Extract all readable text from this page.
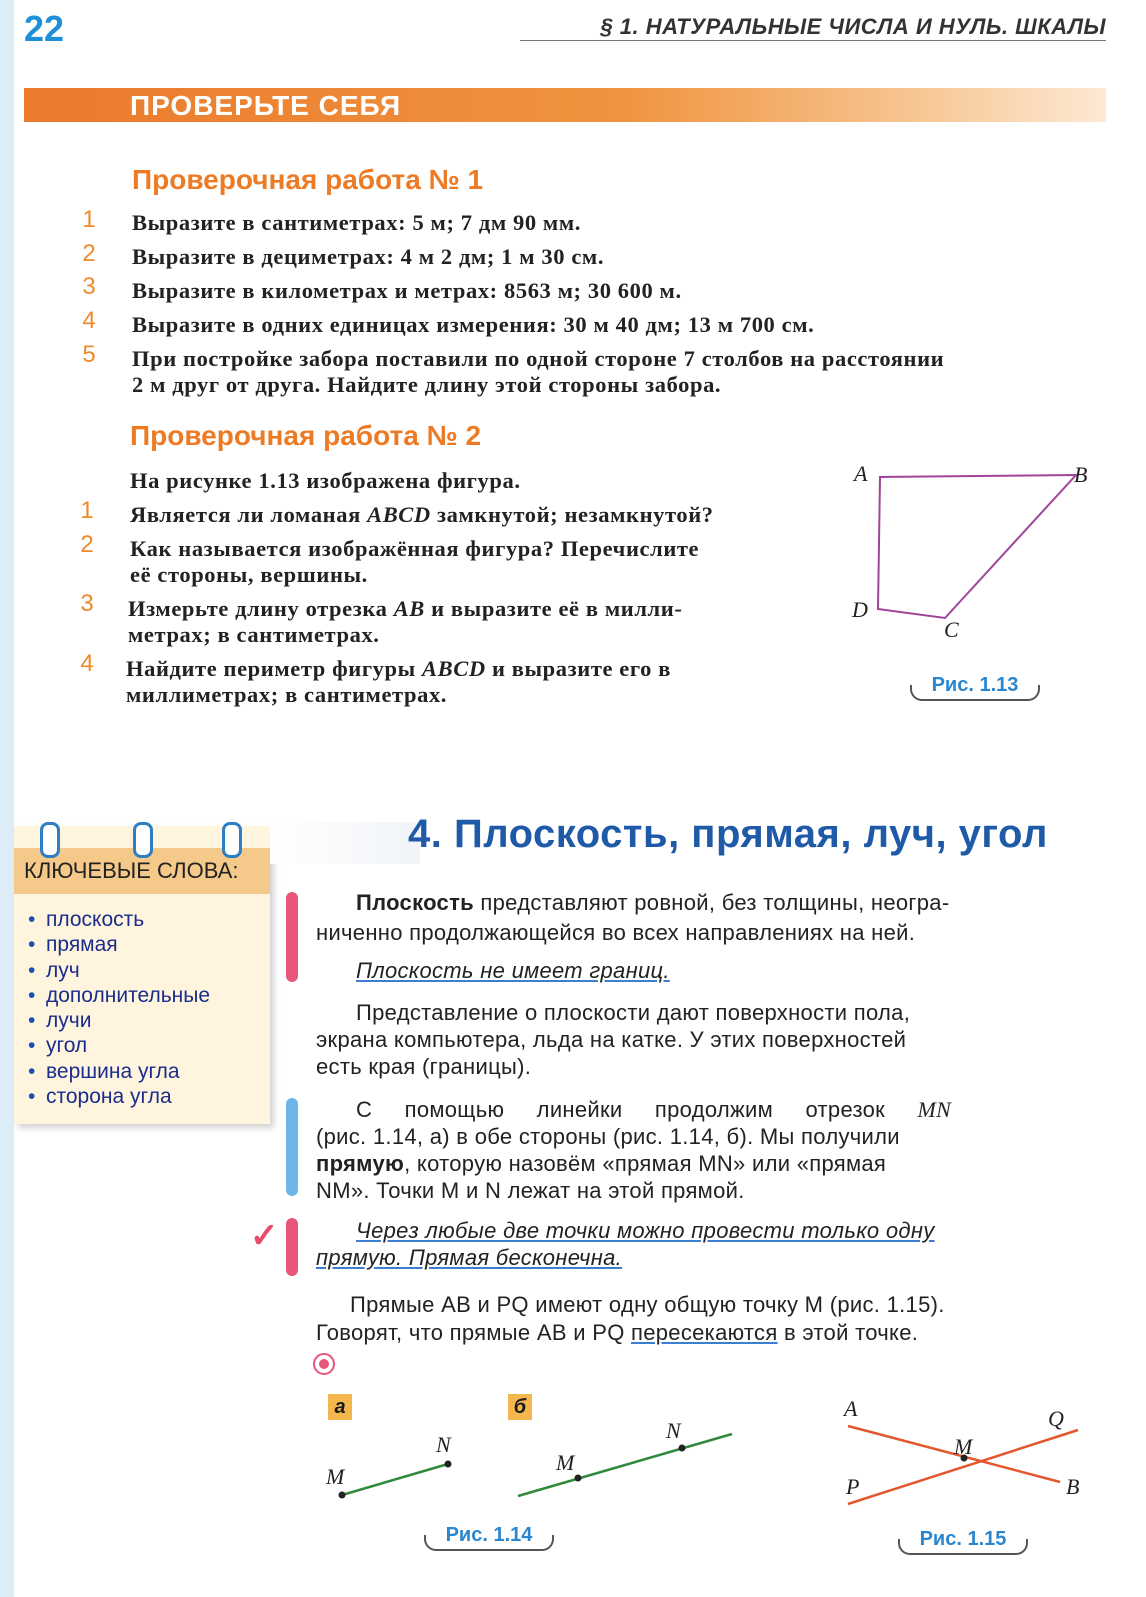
22	§ 1. НАТУРАЛЬНЫЕ ЧИСЛА И НУЛЬ. ШКАЛЫ
ПРОВЕРЬТЕ СЕБЯ
Проверочная работа № 1
1	Выразите в сантиметрах: 5 м; 7 дм 90 мм.
2	Выразите в дециметрах: 4 м 2 дм; 1 м 30 см.
3	Выразите в километрах и метрах: 8563 м; 30 600 м.
4	Выразите в одних единицах измерения: 30 м 40 дм; 13 м 700 см.
5	При постройке забора поставили по одной стороне 7 столбов на расстоянии
2 м друг от друга. Найдите длину этой стороны забора.
Проверочная работа № 2
На рисунке 1.13 изображена фигура.
1	Является ли ломаная ABCD замкнутой; незамкнутой?
2	Как называется изображённая фигура? Перечислите
её стороны, вершины.
3	Измерьте длину отрезка AB и выразите её в милли-
метрах; в сантиметрах.
4	Найдите периметр фигуры ABCD и выразите его в
миллиметрах; в сантиметрах.
A	B
C
D
Рис. 1.13
КЛЮЧЕВЫЕ СЛОВА:
• плоскость
• прямая
• луч
• дополнительные
• лучи
• угол
• вершина угла
• сторона угла
4. Плоскость, прямая, луч, угол
✓
Плоскость представляют ровной, без толщины, неогра-
ниченно продолжающейся во всех направлениях на ней.
Плоскость не имеет границ.
Представление о плоскости дают поверхности пола,
экрана компьютера, льда на катке. У этих поверхностей
есть края (границы).
С помощью линейки продолжим отрезок MN
(рис. 1.14, а) в обе стороны (рис. 1.14, б). Мы получили
прямую, которую назовём «прямая MN» или «прямая
NM». Точки M и N лежат на этой прямой.
Через любые две точки можно провести только одну
прямую. Прямая бесконечна.
Прямые AB и PQ имеют одну общую точку M (рис. 1.15).
Говорят, что прямые AB и PQ пересекаются в этой точке.
а	б
M
N
M
N
Рис. 1.14
A	Q
M
P	B
Рис. 1.15
